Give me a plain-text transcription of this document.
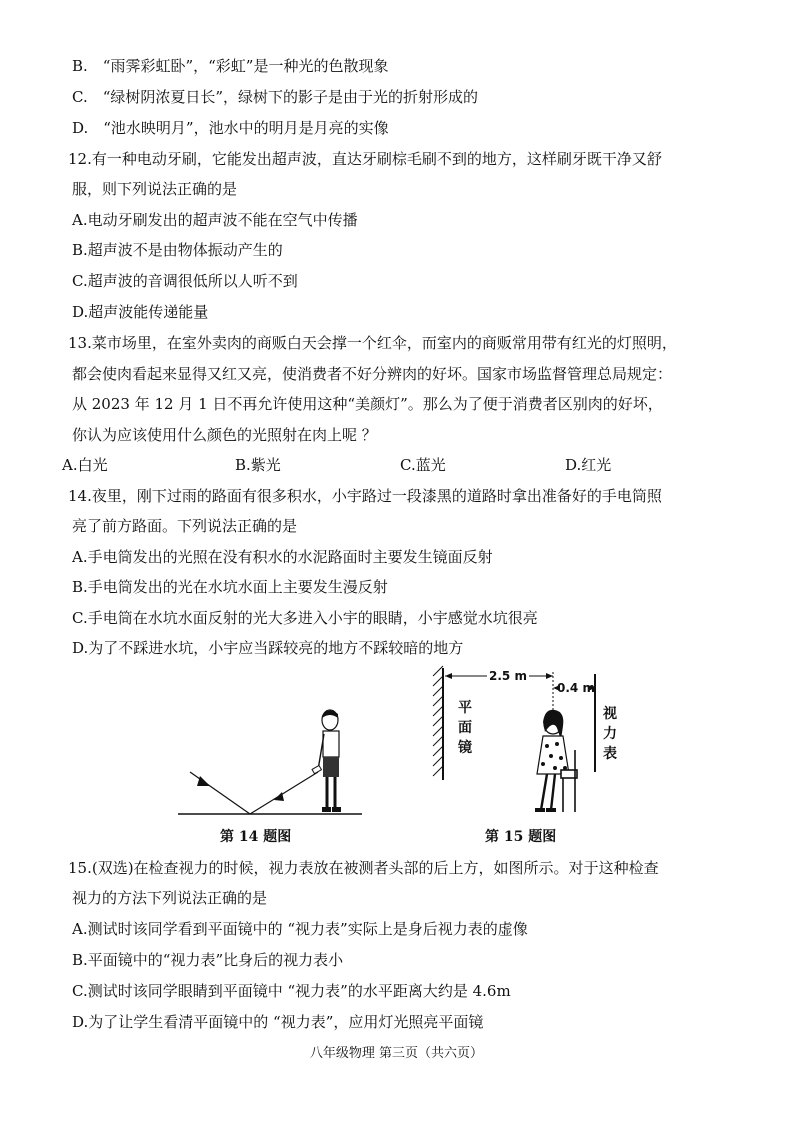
B.　“雨霁彩虹卧”，“彩虹”是一种光的色散现象
C.　“绿树阴浓夏日长”，绿树下的影子是由于光的折射形成的
D.　“池水映明月”，池水中的明月是月亮的实像
12.有一种电动牙刷，它能发出超声波，直达牙刷棕毛刷不到的地方，这样刷牙既干净又舒
服，则下列说法正确的是
A.电动牙刷发出的超声波不能在空气中传播
B.超声波不是由物体振动产生的
C.超声波的音调很低所以人听不到
D.超声波能传递能量
13.菜市场里，在室外卖肉的商贩白天会撑一个红伞，而室内的商贩常用带有红光的灯照明，
都会使肉看起来显得又红又亮，使消费者不好分辨肉的好坏。国家市场监督管理总局规定：
从 2023 年 12 月 1 日不再允许使用这种“美颜灯”。那么为了便于消费者区别肉的好坏，
你认为应该使用什么颜色的光照射在肉上呢 ？
A.白光	B.紫光	C.蓝光	D.红光
14.夜里，刚下过雨的路面有很多积水，小宇路过一段漆黑的道路时拿出准备好的手电筒照
亮了前方路面。下列说法正确的是
A.手电筒发出的光照在没有积水的水泥路面时主要发生镜面反射
B.手电筒发出的光在水坑水面上主要发生漫反射
C.手电筒在水坑水面反射的光大多进入小宇的眼睛，小宇感觉水坑很亮
D.为了不踩进水坑，小宇应当踩较亮的地方不踩较暗的地方
2.5 m
0.4 m
平
面
镜
视
力
表
第 14 题图	第 15 题图
15.(双选)在检查视力的时候，视力表放在被测者头部的后上方，如图所示。对于这种检查
视力的方法下列说法正确的是
A.测试时该同学看到平面镜中的 “视力表”实际上是身后视力表的虚像
B.平面镜中的“视力表”比身后的视力表小
C.测试时该同学眼睛到平面镜中 “视力表”的水平距离大约是 4.6m
D.为了让学生看清平面镜中的 “视力表”，应用灯光照亮平面镜
八年级物理 第三页（共六页）
